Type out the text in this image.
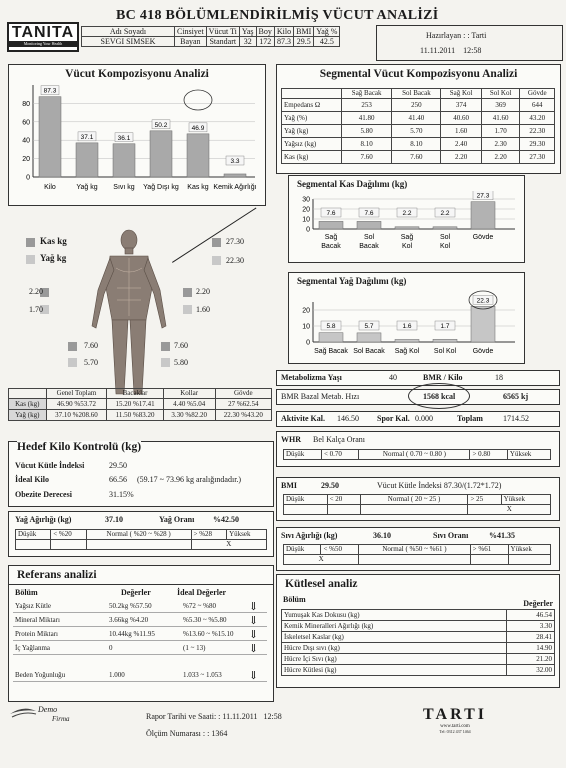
TANITA
Monitoring Your Health
BC 418 BÖLÜMLENDİRİLMİŞ VÜCUT ANALİZİ
Adı Soyadı	Cinsiyet	Vücut Ti	Yaş	Boy	Kilo	BMI	Yağ %
SEVGI SIMSEK	Bayan	Standart	32	172	87.3	29.5	42.5
Hazırlayan : : Tarti
11.11.2011    12:58
Vücut Kompozisyonu Analizi
80
60
40
20
0
87.3
37.1	36.1
50.2	46.9
3.3
Kilo	Yağ kg Sıvı kg Yağ Dışı kg Kas kg Kemik Ağırlığı
Segmental Vücut Kompozisyonu Analizi
	Sağ Bacak	Sol Bacak	Sağ Kol	Sol Kol	Gövde
Empedans Ω	253	250	374	369	644
Yağ (%)	41.80	41.40	40.60	41.60	43.20
Yağ (kg)	5.80	5.70	1.60	1.70	22.30
Yağsız (kg)	8.10	8.10	2.40	2.30	29.30
Kas (kg)	7.60	7.60	2.20	2.20	27.30
Segmental Kas Dağılımı (kg)
30
20
10
0
7.6	7.6	2.2	2.2
27.3
Sağ
Bacak
Sol
Bacak
Sağ
Kol
Sol
Kol
Gövde
Segmental Yağ Dağılımı (kg)
20
10
0
5.8	5.7	1.6	1.7
22.3
Sağ Bacak Sol Bacak Sağ Kol Sol Kol Gövde
Kas kg
Yağ kg
27.30
22.30
2.20
1.70
2.20
1.60
7.60
5.70
7.60
5.80
	Genel Toplam	Bacaklar	Kollar	Gövde
Kas (kg)	46.90 %53.72	15.20 %17.41	4.40 %5.04	27 %62.54
Yağ (kg)	37.10 %208.60	11.50 %83.20	3.30 %82.20	22.30 %43.20
Metabolizma Yaşı	40	BMR / Kilo	18
BMR Bazal Metab. Hızı	1568 kcal	6565 kj
Aktivite Kal. 146.50 Spor Kal. 0.000	Toplam	1714.52
WHR Bel Kalça Oranı
Düşük	< 0.70	Normal ( 0.70 ~ 0.80 )	> 0.80	Yüksek
BMI	29.50	Vücut Kütle İndeksi 87.30/(1.72*1.72)
Düşük	< 20	Normal ( 20 ~ 25 )	> 25	Yüksek
			X	
Hedef Kilo Kontrolü (kg)
Vücut Kütle İndeksi	29.50
İdeal Kilo	66.56 (59.17 ~ 73.96 kg aralığındadır.)
Obezite Derecesi	31.15%
Yağ Ağırlığı (kg)	37.10	Yağ Oranı %42.50
Düşük	< %20	Normal ( %20 ~ %28 )	> %28	Yüksek
			X	
Sıvı Ağırlığı (kg)	36.10	Sıvı Oranı	%41.35
Düşük	< %50	Normal ( %50 ~ %61 )	> %61	Yüksek
X				
Referans analizi
Bölüm	Değerler	İdeal Değerler
Yağsız Kütle	50.2kg %57.50	%72 ~ %80	⇓
Mineral Miktarı	3.66kg %4.20	%5.30 ~ %5.80 ⇓
Protein Miktarı	10.44kg %11.95	%13.60 ~ %15.10 ⇓
İç Yağlanma	0	(1 ~ 13)	⇓
Beden Yoğunluğu	1.000	1.033 ~ 1.053 ⇓
Kütlesel analiz
Bölüm	Değerler
Yumuşak Kas Dokusu (kg)	46.54
Kemik Mineralleri Ağırlığı (kg)	3.30
İskeletsel Kaslar (kg)	28.41
Hücre Dışı sıvı (kg)	14.90
Hücre İçi Sıvı (kg)	21.20
Hücre Kütlesi (kg)	32.00
Demo
Firma	Rapor Tarihi ve Saati: : 11.11.2011   12:58
Ölçüm Numarası : : 1364
TARTI
www.tarti.com
Tel: 0312 437 1464
